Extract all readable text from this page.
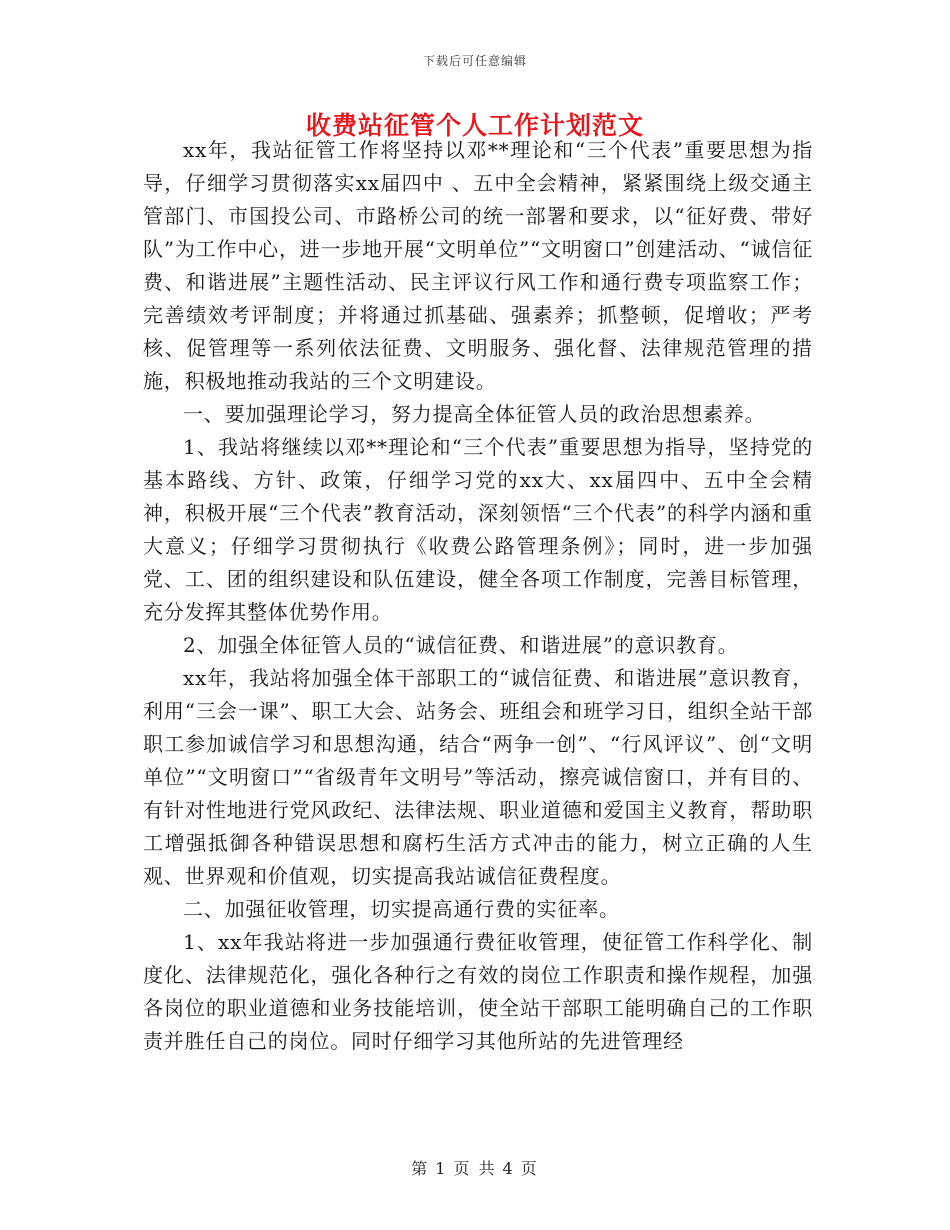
下载后可任意编辑
收费站征管个人工作计划范文

xx年，我站征管工作将坚持以邓**理论和“三个代表”重要思想为指导，仔细学习贯彻落实xx届四中 、五中全会精神，紧紧围绕上级交通主管部门、市国投公司、市路桥公司的统一部署和要求，以“征好费、带好队”为工作中心，进一步地开展“文明单位”“文明窗口”创建活动、“诚信征费、和谐进展”主题性活动、民主评议行风工作和通行费专项监察工作；完善绩效考评制度；并将通过抓基础、强素养；抓整顿，促增收；严考核、促管理等一系列依法征费、文明服务、强化督、法律规范管理的措施，积极地推动我站的三个文明建设。

一、要加强理论学习，努力提高全体征管人员的政治思想素养。

1、我站将继续以邓**理论和“三个代表”重要思想为指导，坚持党的基本路线、方针、政策，仔细学习党的xx大、xx届四中、五中全会精神，积极开展“三个代表”教育活动，深刻领悟“三个代表”的科学内涵和重大意义；仔细学习贯彻执行《收费公路管理条例》；同时，进一步加强党、工、团的组织建设和队伍建设，健全各项工作制度，完善目标管理，充分发挥其整体优势作用。

2、加强全体征管人员的“诚信征费、和谐进展”的意识教育。

xx年，我站将加强全体干部职工的“诚信征费、和谐进展”意识教育，利用“三会一课”、职工大会、站务会、班组会和班学习日，组织全站干部职工参加诚信学习和思想沟通，结合“两争一创”、“行风评议”、创“文明单位”“文明窗口”“省级青年文明号”等活动，擦亮诚信窗口，并有目的、有针对性地进行党风政纪、法律法规、职业道德和爱国主义教育，帮助职工增强抵御各种错误思想和腐朽生活方式冲击的能力，树立正确的人生观、世界观和价值观，切实提高我站诚信征费程度。

二、加强征收管理，切实提高通行费的实征率。

1、xx年我站将进一步加强通行费征收管理，使征管工作科学化、制度化、法律规范化，强化各种行之有效的岗位工作职责和操作规程，加强各岗位的职业道德和业务技能培训，使全站干部职工能明确自己的工作职责并胜任自己的岗位。同时仔细学习其他所站的先进管理经

第 1 页 共 4 页
